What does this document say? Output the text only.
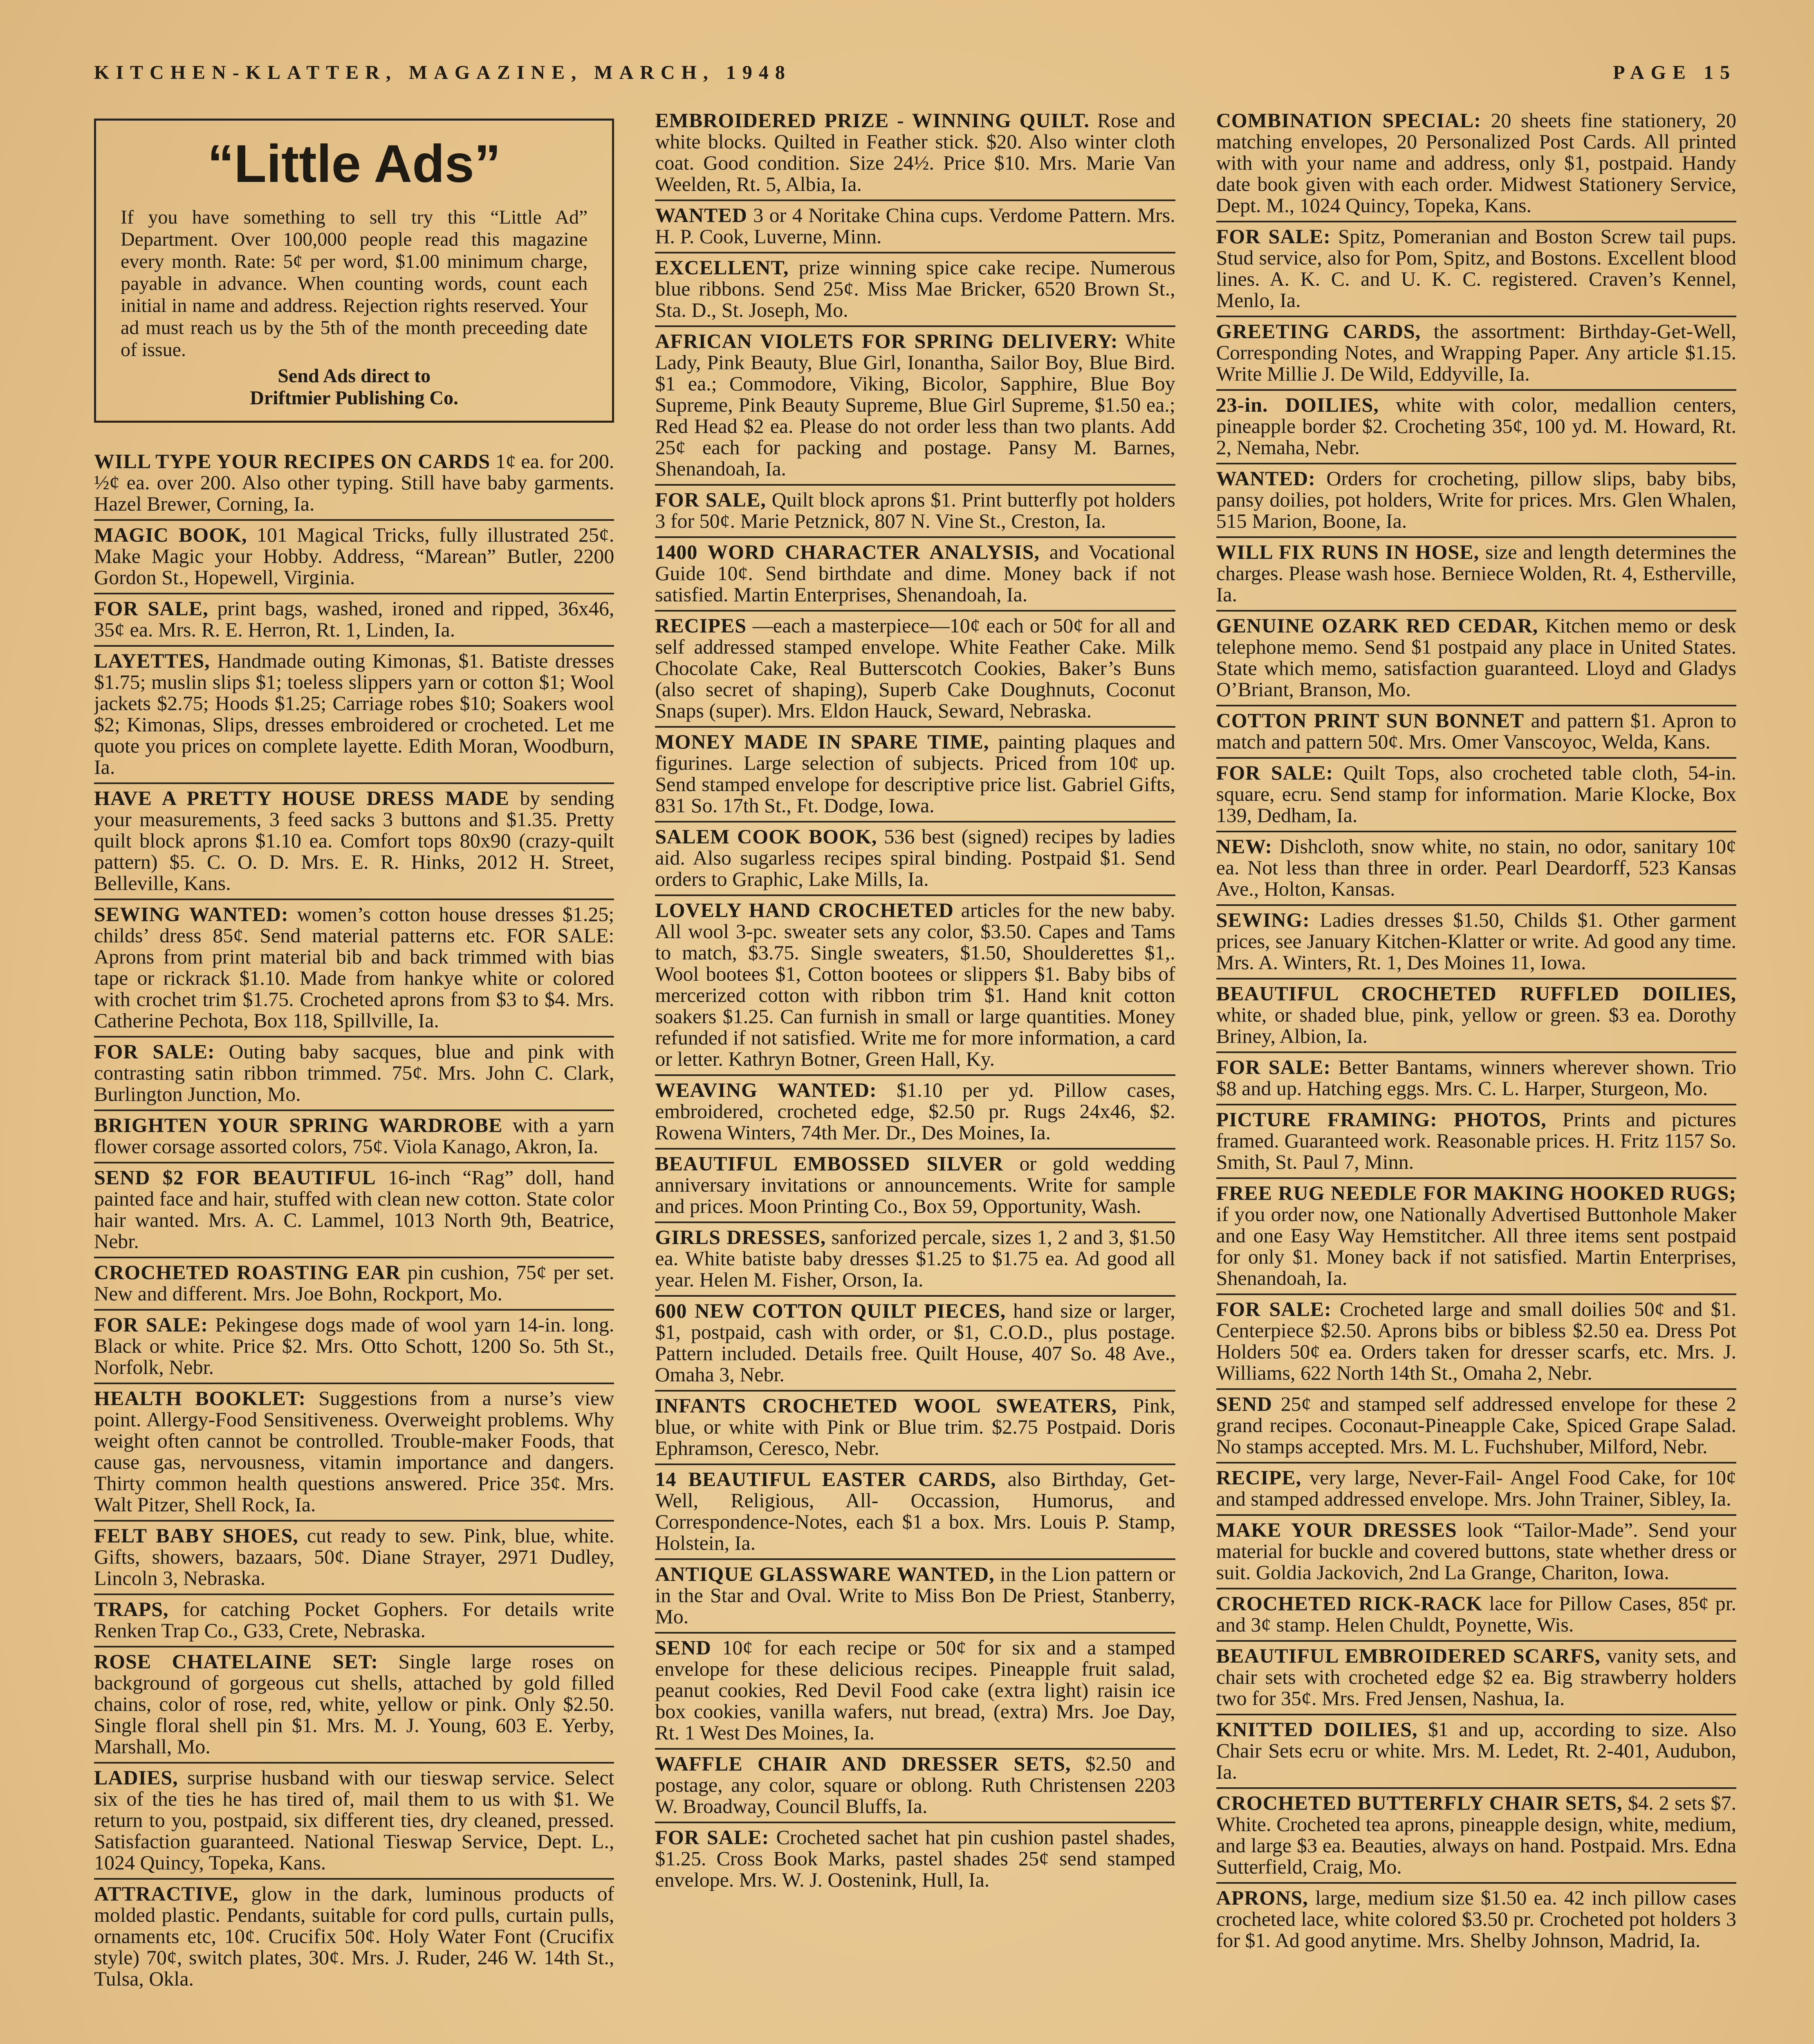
KITCHEN-KLATTER, MAGAZINE, MARCH, 1948	PAGE 15
“Little Ads”
If you have something to sell try this “Little Ad” Department. Over 100,000 people read this magazine every month. Rate: 5¢ per word, $1.00 minimum charge, payable in advance. When counting words, count each initial in name and address. Rejection rights reserved. Your ad must reach us by the 5th of the month preceeding date of issue.
Send Ads direct to
Driftmier Publishing Co.

WILL TYPE YOUR RECIPES ON CARDS 1¢ ea. for 200. ½¢ ea. over 200. Also other typing. Still have baby garments. Hazel Brewer, Corning, Ia.

MAGIC BOOK, 101 Magical Tricks, fully illustrated 25¢. Make Magic your Hobby. Address, “Marean” Butler, 2200 Gordon St., Hopewell, Virginia.

FOR SALE, print bags, washed, ironed and ripped, 36x46, 35¢ ea. Mrs. R. E. Herron, Rt. 1, Linden, Ia.

LAYETTES, Handmade outing Kimonas, $1. Batiste dresses $1.75; muslin slips $1; toeless slippers yarn or cotton $1; Wool jackets $2.75; Hoods $1.25; Carriage robes $10; Soakers wool $2; Kimonas, Slips, dresses embroidered or crocheted. Let me quote you prices on complete layette. Edith Moran, Woodburn, Ia.

HAVE A PRETTY HOUSE DRESS MADE by sending your measurements, 3 feed sacks 3 buttons and $1.35. Pretty quilt block aprons $1.10 ea. Comfort tops 80x90 (crazy-quilt pattern) $5. C. O. D. Mrs. E. R. Hinks, 2012 H. Street, Belleville, Kans.

SEWING WANTED: women’s cotton house dresses $1.25; childs’ dress 85¢. Send material patterns etc. FOR SALE: Aprons from print material bib and back trimmed with bias tape or rickrack $1.10. Made from hankye white or colored with crochet trim $1.75. Crocheted aprons from $3 to $4. Mrs. Catherine Pechota, Box 118, Spillville, Ia.

FOR SALE: Outing baby sacques, blue and pink with contrasting satin ribbon trimmed. 75¢. Mrs. John C. Clark, Burlington Junction, Mo.

BRIGHTEN YOUR SPRING WARDROBE with a yarn flower corsage assorted colors, 75¢. Viola Kanago, Akron, Ia.

SEND $2 FOR BEAUTIFUL 16-inch “Rag” doll, hand painted face and hair, stuffed with clean new cotton. State color hair wanted. Mrs. A. C. Lammel, 1013 North 9th, Beatrice, Nebr.

CROCHETED ROASTING EAR pin cushion, 75¢ per set. New and different. Mrs. Joe Bohn, Rockport, Mo.

FOR SALE: Pekingese dogs made of wool yarn 14-in. long. Black or white. Price $2. Mrs. Otto Schott, 1200 So. 5th St., Norfolk, Nebr.

HEALTH BOOKLET: Suggestions from a nurse’s view point. Allergy-Food Sensitiveness. Overweight problems. Why weight often cannot be controlled. Trouble-maker Foods, that cause gas, nervousness, vitamin importance and dangers. Thirty common health questions answered. Price 35¢. Mrs. Walt Pitzer, Shell Rock, Ia.

FELT BABY SHOES, cut ready to sew. Pink, blue, white. Gifts, showers, bazaars, 50¢. Diane Strayer, 2971 Dudley, Lincoln 3, Nebraska.

TRAPS, for catching Pocket Gophers. For details write Renken Trap Co., G33, Crete, Nebraska.

ROSE CHATELAINE SET: Single large roses on background of gorgeous cut shells, attached by gold filled chains, color of rose, red, white, yellow or pink. Only $2.50. Single floral shell pin $1. Mrs. M. J. Young, 603 E. Yerby, Marshall, Mo.

LADIES, surprise husband with our tieswap service. Select six of the ties he has tired of, mail them to us with $1. We return to you, postpaid, six different ties, dry cleaned, pressed. Satisfaction guaranteed. National Tieswap Service, Dept. L., 1024 Quincy, Topeka, Kans.

ATTRACTIVE, glow in the dark, luminous products of molded plastic. Pendants, suitable for cord pulls, curtain pulls, ornaments etc, 10¢. Crucifix 50¢. Holy Water Font (Crucifix style) 70¢, switch plates, 30¢. Mrs. J. Ruder, 246 W. 14th St., Tulsa, Okla.

EMBROIDERED PRIZE - WINNING QUILT. Rose and white blocks. Quilted in Feather stick. $20. Also winter cloth coat. Good condition. Size 24½. Price $10. Mrs. Marie Van Weelden, Rt. 5, Albia, Ia.

WANTED 3 or 4 Noritake China cups. Verdome Pattern. Mrs. H. P. Cook, Luverne, Minn.

EXCELLENT, prize winning spice cake recipe. Numerous blue ribbons. Send 25¢. Miss Mae Bricker, 6520 Brown St., Sta. D., St. Joseph, Mo.

AFRICAN VIOLETS FOR SPRING DELIVERY: White Lady, Pink Beauty, Blue Girl, Ionantha, Sailor Boy, Blue Bird. $1 ea.; Commodore, Viking, Bicolor, Sapphire, Blue Boy Supreme, Pink Beauty Supreme, Blue Girl Supreme, $1.50 ea.; Red Head $2 ea. Please do not order less than two plants. Add 25¢ each for packing and postage. Pansy M. Barnes, Shenandoah, Ia.

FOR SALE, Quilt block aprons $1. Print butterfly pot holders 3 for 50¢. Marie Petznick, 807 N. Vine St., Creston, Ia.

1400 WORD CHARACTER ANALYSIS, and Vocational Guide 10¢. Send birthdate and dime. Money back if not satisfied. Martin Enterprises, Shenandoah, Ia.

RECIPES —each a masterpiece—10¢ each or 50¢ for all and self addressed stamped envelope. White Feather Cake. Milk Chocolate Cake, Real Butterscotch Cookies, Baker’s Buns (also secret of shaping), Superb Cake Doughnuts, Coconut Snaps (super). Mrs. Eldon Hauck, Seward, Nebraska.

MONEY MADE IN SPARE TIME, painting plaques and figurines. Large selection of subjects. Priced from 10¢ up. Send stamped envelope for descriptive price list. Gabriel Gifts, 831 So. 17th St., Ft. Dodge, Iowa.

SALEM COOK BOOK, 536 best (signed) recipes by ladies aid. Also sugarless recipes spiral binding. Postpaid $1. Send orders to Graphic, Lake Mills, Ia.

LOVELY HAND CROCHETED articles for the new baby. All wool 3-pc. sweater sets any color, $3.50. Capes and Tams to match, $3.75. Single sweaters, $1.50, Shoulderettes $1,. Wool bootees $1, Cotton bootees or slippers $1. Baby bibs of mercerized cotton with ribbon trim $1. Hand knit cotton soakers $1.25. Can furnish in small or large quantities. Money refunded if not satisfied. Write me for more information, a card or letter. Kathryn Botner, Green Hall, Ky.

WEAVING WANTED: $1.10 per yd. Pillow cases, embroidered, crocheted edge, $2.50 pr. Rugs 24x46, $2. Rowena Winters, 74th Mer. Dr., Des Moines, Ia.

BEAUTIFUL EMBOSSED SILVER or gold wedding anniversary invitations or announcements. Write for sample and prices. Moon Printing Co., Box 59, Opportunity, Wash.

GIRLS DRESSES, sanforized percale, sizes 1, 2 and 3, $1.50 ea. White batiste baby dresses $1.25 to $1.75 ea. Ad good all year. Helen M. Fisher, Orson, Ia.

600 NEW COTTON QUILT PIECES, hand size or larger, $1, postpaid, cash with order, or $1, C.O.D., plus postage. Pattern included. Details free. Quilt House, 407 So. 48 Ave., Omaha 3, Nebr.

INFANTS CROCHETED WOOL SWEATERS, Pink, blue, or white with Pink or Blue trim. $2.75 Postpaid. Doris Ephramson, Ceresco, Nebr.

14 BEAUTIFUL EASTER CARDS, also Birthday, Get-Well, Religious, All- Occassion, Humorus, and Correspondence-Notes, each $1 a box. Mrs. Louis P. Stamp, Holstein, Ia.

ANTIQUE GLASSWARE WANTED, in the Lion pattern or in the Star and Oval. Write to Miss Bon De Priest, Stanberry, Mo.

SEND 10¢ for each recipe or 50¢ for six and a stamped envelope for these delicious recipes. Pineapple fruit salad, peanut cookies, Red Devil Food cake (extra light) raisin ice box cookies, vanilla wafers, nut bread, (extra) Mrs. Joe Day, Rt. 1 West Des Moines, Ia.

WAFFLE CHAIR AND DRESSER SETS, $2.50 and postage, any color, square or oblong. Ruth Christensen 2203 W. Broadway, Council Bluffs, Ia.

FOR SALE: Crocheted sachet hat pin cushion pastel shades, $1.25. Cross Book Marks, pastel shades 25¢ send stamped envelope. Mrs. W. J. Oostenink, Hull, Ia.

COMBINATION SPECIAL: 20 sheets fine stationery, 20 matching envelopes, 20 Personalized Post Cards. All printed with with your name and address, only $1, postpaid. Handy date book given with each order. Midwest Stationery Service, Dept. M., 1024 Quincy, Topeka, Kans.

FOR SALE: Spitz, Pomeranian and Boston Screw tail pups. Stud service, also for Pom, Spitz, and Bostons. Excellent blood lines. A. K. C. and U. K. C. registered. Craven’s Kennel, Menlo, Ia.

GREETING CARDS, the assortment: Birthday-Get-Well, Corresponding Notes, and Wrapping Paper. Any article $1.15. Write Millie J. De Wild, Eddyville, Ia.

23-in. DOILIES, white with color, medallion centers, pineapple border $2. Crocheting 35¢, 100 yd. M. Howard, Rt. 2, Nemaha, Nebr.

WANTED: Orders for crocheting, pillow slips, baby bibs, pansy doilies, pot holders, Write for prices. Mrs. Glen Whalen, 515 Marion, Boone, Ia.

WILL FIX RUNS IN HOSE, size and length determines the charges. Please wash hose. Berniece Wolden, Rt. 4, Estherville, Ia.

GENUINE OZARK RED CEDAR, Kitchen memo or desk telephone memo. Send $1 postpaid any place in United States. State which memo, satisfaction guaranteed. Lloyd and Gladys O’Briant, Branson, Mo.

COTTON PRINT SUN BONNET and pattern $1. Apron to match and pattern 50¢. Mrs. Omer Vanscoyoc, Welda, Kans.

FOR SALE: Quilt Tops, also crocheted table cloth, 54-in. square, ecru. Send stamp for information. Marie Klocke, Box 139, Dedham, Ia.

NEW: Dishcloth, snow white, no stain, no odor, sanitary 10¢ ea. Not less than three in order. Pearl Deardorff, 523 Kansas Ave., Holton, Kansas.

SEWING: Ladies dresses $1.50, Childs $1. Other garment prices, see January Kitchen-Klatter or write. Ad good any time. Mrs. A. Winters, Rt. 1, Des Moines 11, Iowa.

BEAUTIFUL CROCHETED RUFFLED DOILIES,white, or shaded blue, pink, yellow or green. $3 ea. Dorothy Briney, Albion, Ia.

FOR SALE: Better Bantams, winners wherever shown. Trio $8 and up. Hatching eggs. Mrs. C. L. Harper, Sturgeon, Mo.

PICTURE FRAMING: PHOTOS, Prints and pictures framed. Guaranteed work. Reasonable prices. H. Fritz 1157 So. Smith, St. Paul 7, Minn.

FREE RUG NEEDLE FOR MAKING HOOKED RUGS;if you order now, one Nationally Advertised Buttonhole Maker and one Easy Way Hemstitcher. All three items sent postpaid for only $1. Money back if not satisfied. Martin Enterprises, Shenandoah, Ia.

FOR SALE: Crocheted large and small doilies 50¢ and $1. Centerpiece $2.50. Aprons bibs or bibless $2.50 ea. Dress Pot Holders 50¢ ea. Orders taken for dresser scarfs, etc. Mrs. J. Williams, 622 North 14th St., Omaha 2, Nebr.

SEND 25¢ and stamped self addressed envelope for these 2 grand recipes. Coconaut-Pineapple Cake, Spiced Grape Salad. No stamps accepted. Mrs. M. L. Fuchshuber, Milford, Nebr.

RECIPE, very large, Never-Fail- Angel Food Cake, for 10¢ and stamped addressed envelope. Mrs. John Trainer, Sibley, Ia.

MAKE YOUR DRESSES look “Tailor-Made”. Send your material for buckle and covered buttons, state whether dress or suit. Goldia Jackovich, 2nd La Grange, Chariton, Iowa.

CROCHETED RICK-RACK lace for Pillow Cases, 85¢ pr. and 3¢ stamp. Helen Chuldt, Poynette, Wis.

BEAUTIFUL EMBROIDERED SCARFS, vanity sets, and chair sets with crocheted edge $2 ea. Big strawberry holders two for 35¢. Mrs. Fred Jensen, Nashua, Ia.

KNITTED DOILIES, $1 and up, according to size. Also Chair Sets ecru or white. Mrs. M. Ledet, Rt. 2-401, Audubon, Ia.

CROCHETED BUTTERFLY CHAIR SETS, $4. 2 sets $7. White. Crocheted tea aprons, pineapple design, white, medium, and large $3 ea. Beauties, always on hand. Postpaid. Mrs. Edna Sutterfield, Craig, Mo.

APRONS, large, medium size $1.50 ea. 42 inch pillow cases crocheted lace, white colored $3.50 pr. Crocheted pot holders 3 for $1. Ad good anytime. Mrs. Shelby Johnson, Madrid, Ia.
